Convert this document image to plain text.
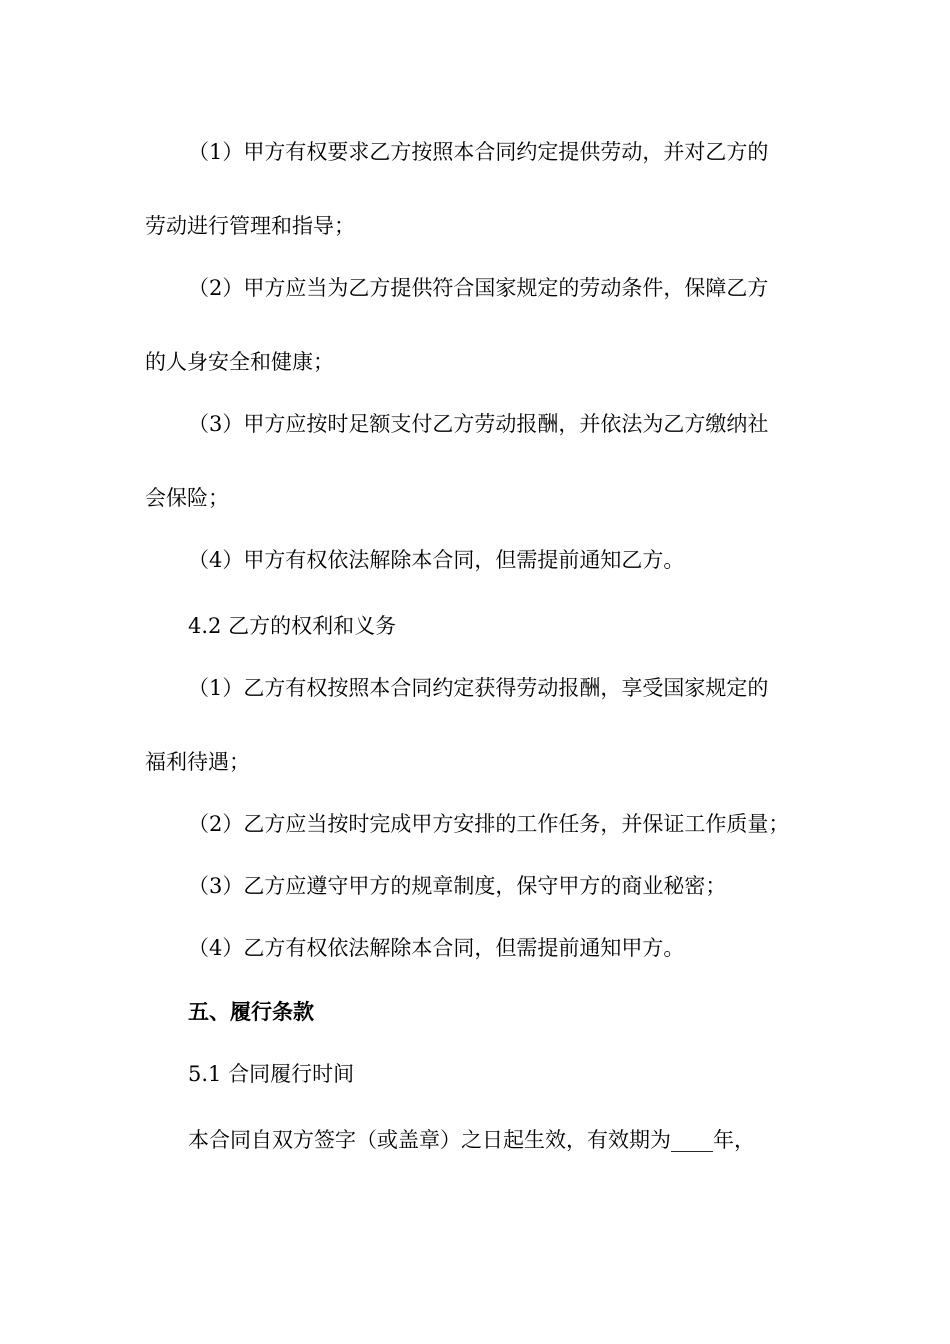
（1）甲方有权要求乙方按照本合同约定提供劳动，并对乙方的
劳动进行管理和指导；
（2）甲方应当为乙方提供符合国家规定的劳动条件，保障乙方
的人身安全和健康；
（3）甲方应按时足额支付乙方劳动报酬，并依法为乙方缴纳社
会保险；
（4）甲方有权依法解除本合同，但需提前通知乙方。
4.2 乙方的权利和义务
（1）乙方有权按照本合同约定获得劳动报酬，享受国家规定的
福利待遇；
（2）乙方应当按时完成甲方安排的工作任务，并保证工作质量；
（3）乙方应遵守甲方的规章制度，保守甲方的商业秘密；
（4）乙方有权依法解除本合同，但需提前通知甲方。
五、履行条款
5.1 合同履行时间
本合同自双方签字（或盖章）之日起生效，有效期为____年，
